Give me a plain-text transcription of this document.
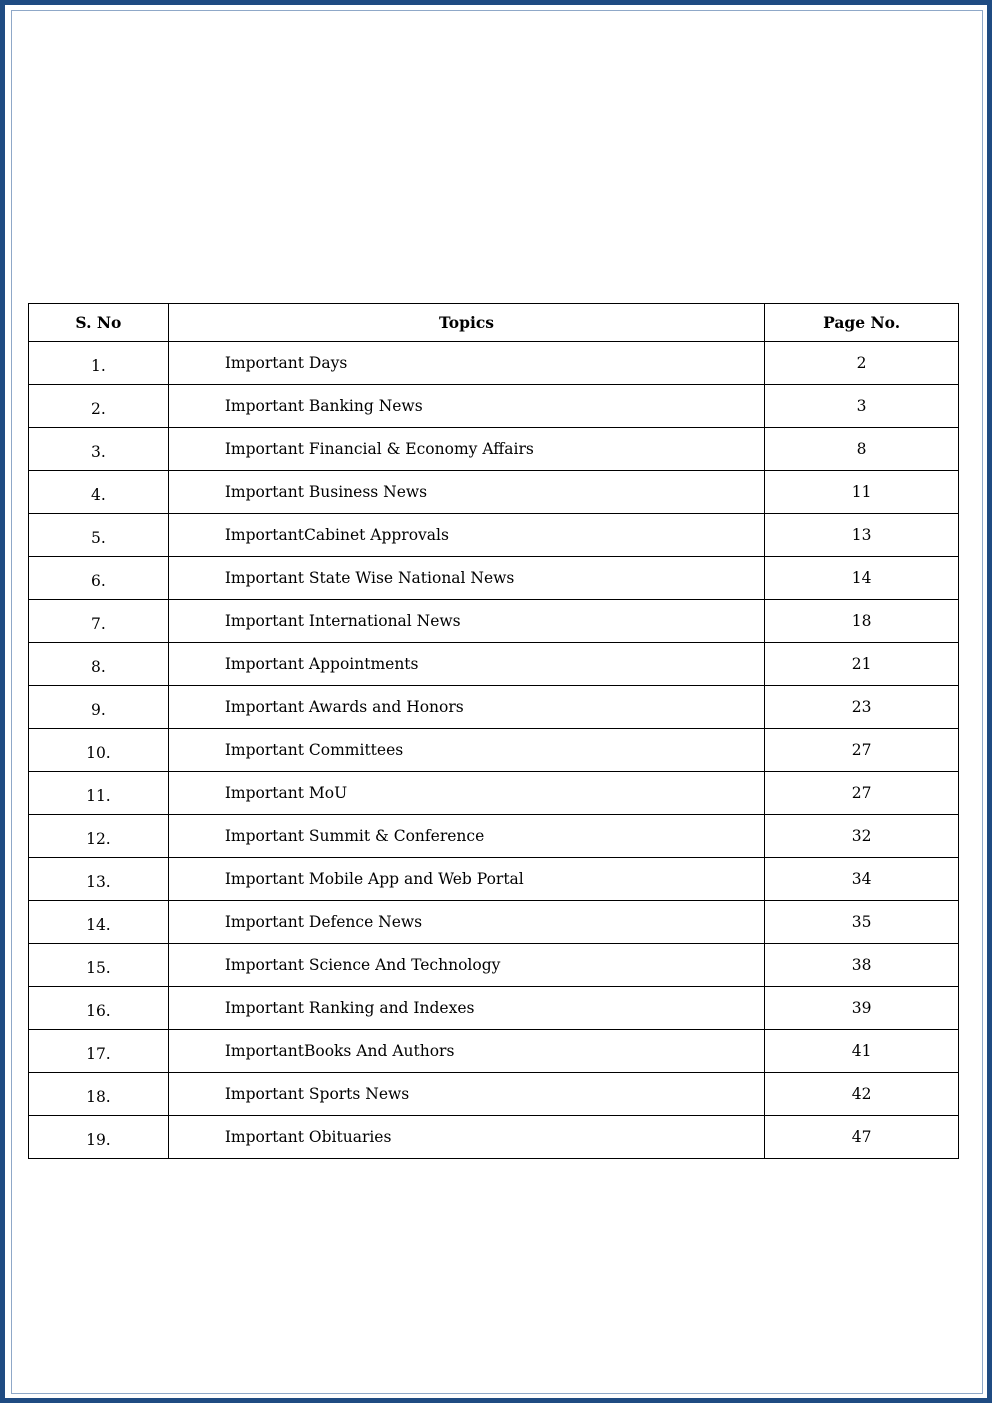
S. No	Topics	Page No.
1.	Important Days	2
2.	Important Banking News	3
3.	Important Financial & Economy Affairs	8
4.	Important Business News	11
5.	ImportantCabinet Approvals	13
6.	Important State Wise National News	14
7.	Important International News	18
8.	Important Appointments	21
9.	Important Awards and Honors	23
10.	Important Committees	27
11.	Important MoU	27
12.	Important Summit & Conference	32
13.	Important Mobile App and Web Portal	34
14.	Important Defence News	35
15.	Important Science And Technology	38
16.	Important Ranking and Indexes	39
17.	ImportantBooks And Authors	41
18.	Important Sports News	42
19.	Important Obituaries	47
